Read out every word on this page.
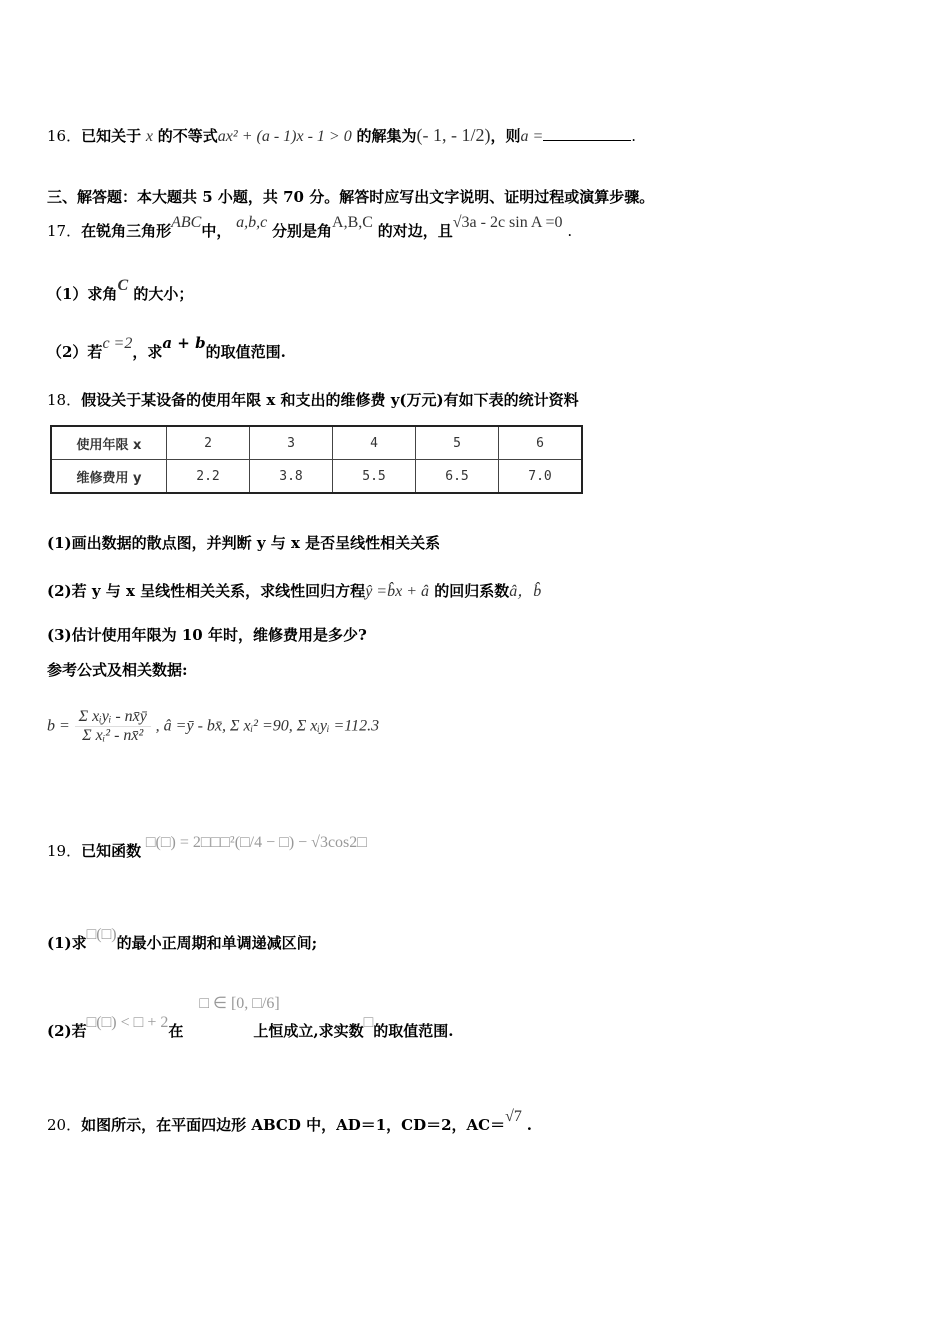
16．已知关于 x 的不等式ax² + (a - 1)x - 1 > 0 的解集为(- 1, - 1/2)，则a =	.
三、解答题：本大题共 5 小题，共 70 分。解答时应写出文字说明、证明过程或演算步骤。
17．在锐角三角形ABC中， a,b,c 分别是角A,B,C 的对边，且√3a - 2c sin A =0 .
（1）求角C 的大小；
（2）若c =2，求a + b的取值范围.
18．假设关于某设备的使用年限 x 和支出的维修费 y(万元)有如下表的统计资料
使用年限 x	2	3	4	5	6
维修费用 y	2.2	3.8	5.5	6.5	7.0
(1)画出数据的散点图，并判断 y 与 x 是否呈线性相关关系
(2)若 y 与 x 呈线性相关关系，求线性回归方程ŷ =b̂x + â 的回归系数â，b̂
(3)估计使用年限为 10 年时，维修费用是多少?
参考公式及相关数据:
$b = \frac{\text{Σ xᵢyᵢ - nx̄ȳ}}{\text{Σ xᵢ² - nx̄²}}$ , â =ȳ - bx̄, Σ xᵢ² =90, Σ xᵢyᵢ =112.3
19．已知函数 □(□) = 2□□□²(□/4 − □) − √3cos2□
(1)求□(□)的最小正周期和单调递减区间;
(2)若□(□) < □ + 2在□ ∈ [0, □/6]上恒成立,求实数□的取值范围.
20．如图所示，在平面四边形 ABCD 中，AD＝1，CD＝2，AC＝√7 .
